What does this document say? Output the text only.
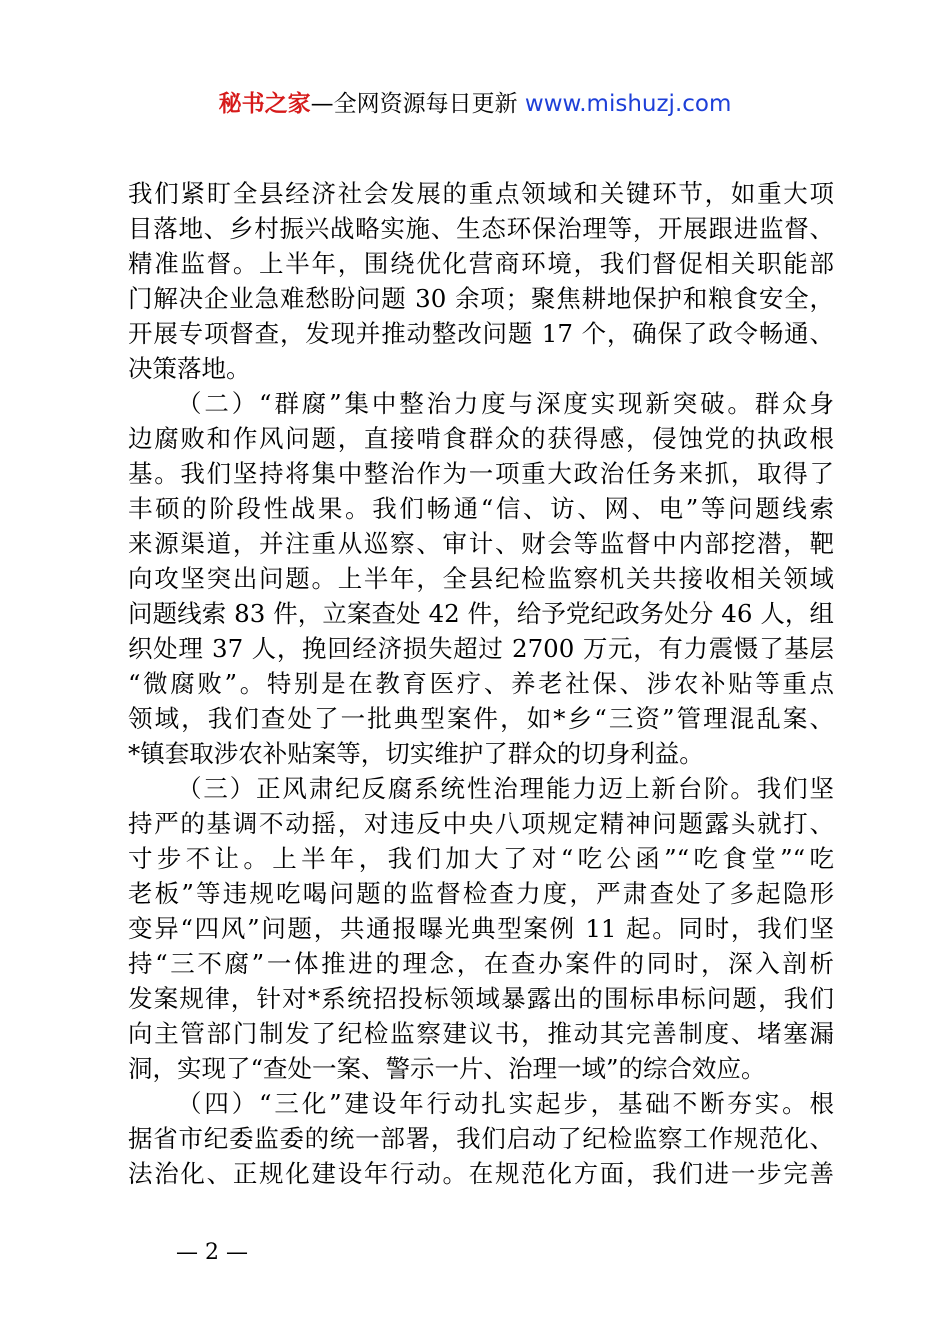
秘书之家—全网资源每日更新 www.mishuzj.com
我们紧盯全县经济社会发展的重点领域和关键环节，如重大项
目落地、乡村振兴战略实施、生态环保治理等，开展跟进监督、
精准监督。上半年，围绕优化营商环境，我们督促相关职能部
门解决企业急难愁盼问题 30 余项；聚焦耕地保护和粮食安全，
开展专项督查，发现并推动整改问题 17 个，确保了政令畅通、
决策落地。
（二）“群腐”集中整治力度与深度实现新突破。群众身
边腐败和作风问题，直接啃食群众的获得感，侵蚀党的执政根
基。我们坚持将集中整治作为一项重大政治任务来抓，取得了
丰硕的阶段性战果。我们畅通“信、访、网、电”等问题线索
来源渠道，并注重从巡察、审计、财会等监督中内部挖潜，靶
向攻坚突出问题。上半年，全县纪检监察机关共接收相关领域
问题线索 83 件，立案查处 42 件，给予党纪政务处分 46 人，组
织处理 37 人，挽回经济损失超过 2700 万元，有力震慑了基层
“微腐败”。特别是在教育医疗、养老社保、涉农补贴等重点
领域，我们查处了一批典型案件，如*乡“三资”管理混乱案、
*镇套取涉农补贴案等，切实维护了群众的切身利益。
（三）正风肃纪反腐系统性治理能力迈上新台阶。我们坚
持严的基调不动摇，对违反中央八项规定精神问题露头就打、
寸步不让。上半年，我们加大了对“吃公函”“吃食堂”“吃
老板”等违规吃喝问题的监督检查力度，严肃查处了多起隐形
变异“四风”问题，共通报曝光典型案例 11 起。同时，我们坚
持“三不腐”一体推进的理念，在查办案件的同时，深入剖析
发案规律，针对*系统招投标领域暴露出的围标串标问题，我们
向主管部门制发了纪检监察建议书，推动其完善制度、堵塞漏
洞，实现了“查处一案、警示一片、治理一域”的综合效应。
（四）“三化”建设年行动扎实起步，基础不断夯实。根
据省市纪委监委的统一部署，我们启动了纪检监察工作规范化、
法治化、正规化建设年行动。在规范化方面，我们进一步完善
— 2 —
